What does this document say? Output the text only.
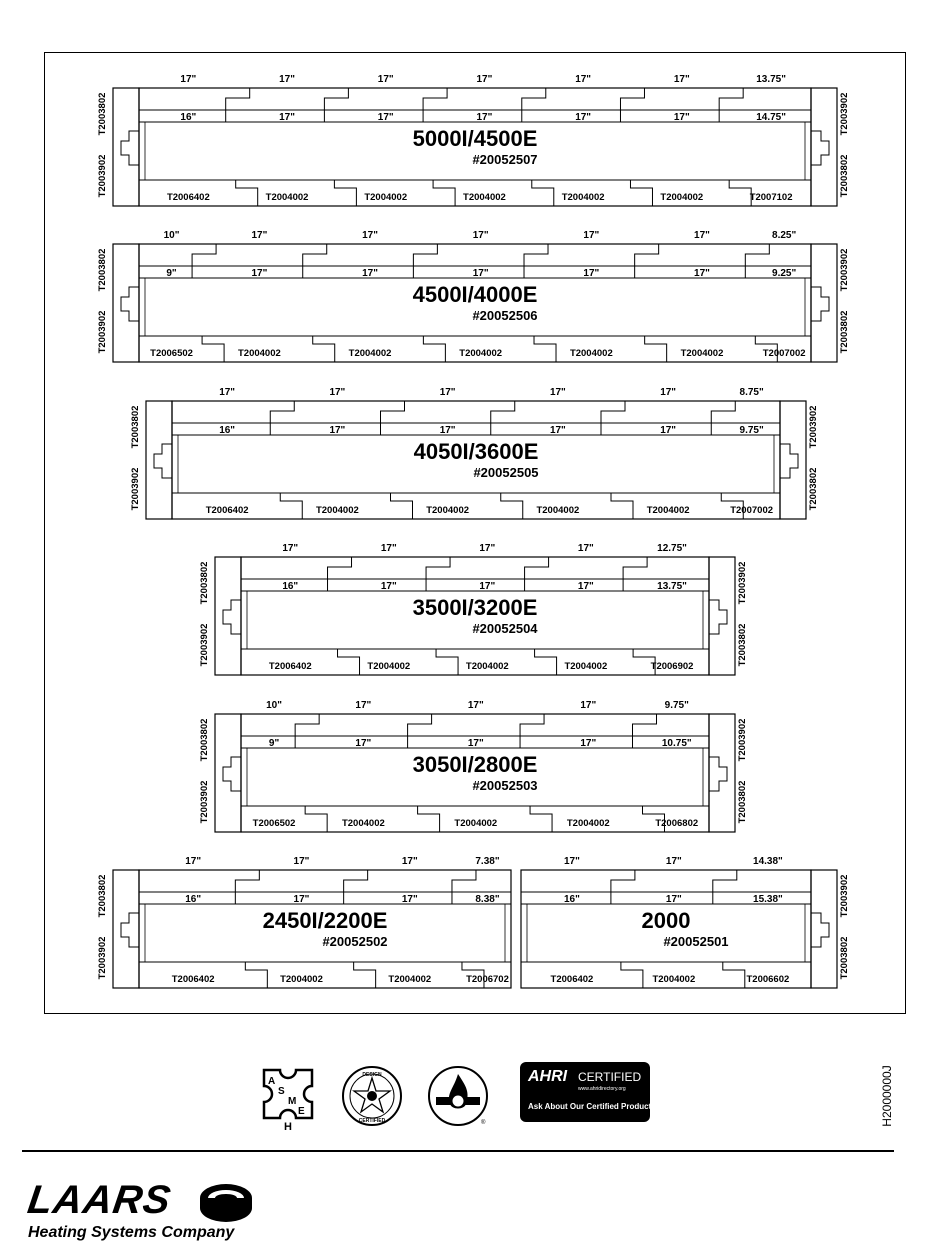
T2003802
T2003902
T2003902
T2003802
17"
16"
17"
17"
17"
17"
17"
17"
17"
17"
17"
17"
13.75"
14.75"
T2006402	T2004002	T2004002	T2004002	T2004002	T2004002	T2007102
5000I/4500E
#20052507
T2003802
T2003902
T2003902
T2003802
10"
9"
17"
17"
17"
17"
17"
17"
17"
17"
17"
17"
8.25"
9.25"
T2006502	T2004002	T2004002	T2004002	T2004002	T2004002	T2007002
4500I/4000E
#20052506
T2003802
T2003902
T2003902
T2003802
17"
16"
17"
17"
17"
17"
17"
17"
17"
17"
8.75"
9.75"
T2006402	T2004002	T2004002	T2004002	T2004002	T2007002
4050I/3600E
#20052505
T2003802
T2003902
T2003902
T2003802
17"
16"
17"
17"
17"
17"
17"
17"
12.75"
13.75"
T2006402	T2004002	T2004002	T2004002	T2006902
3500I/3200E
#20052504
T2003802
T2003902
T2003902
T2003802
10"
9"
17"
17"
17"
17"
17"
17"
9.75"
10.75"
T2006502	T2004002	T2004002	T2004002	T2006802
3050I/2800E
#20052503
T2003802
T2003902
17"
16"
17"
17"
17"
17"
7.38"
8.38"
T2006402	T2004002	T2004002	T2006702
2450I/2200E
#20052502
T2003902
T2003802
17"
16"
17"
17"
14.38"
15.38"
T2006402	T2004002	T2006602
2000
#20052501
A
S
M
E
H
DESIGN
CERTIFIED	®
AHRI CERTIFIED
www.ahridirectory.org
Ask About Our Certified Products	H2000000J
LAARS
Heating Systems Company
